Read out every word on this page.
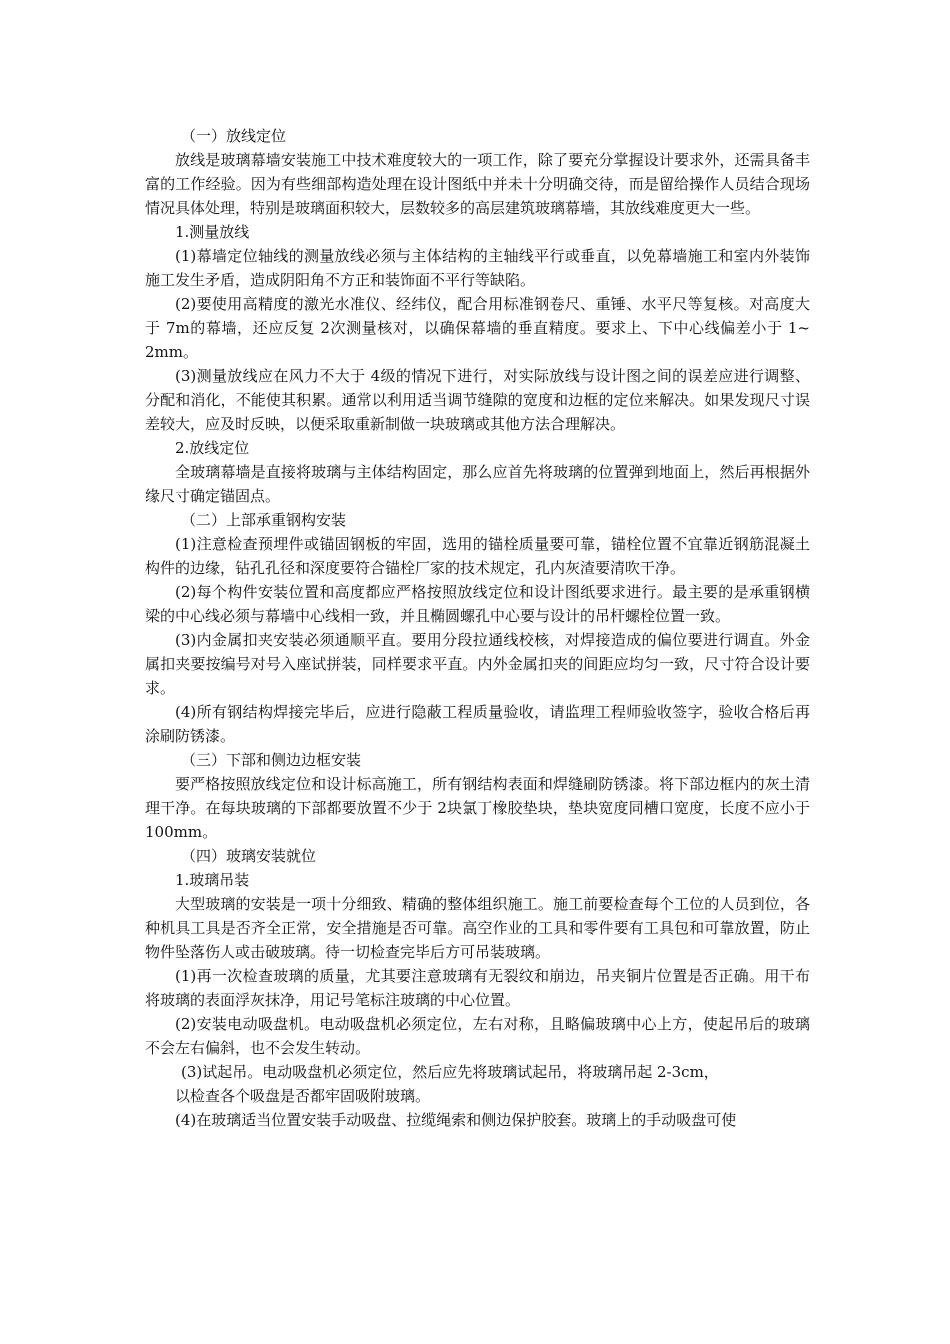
（一）放线定位

放线是玻璃幕墙安装施工中技术难度较大的一项工作，除了要充分掌握设计要求外，还需具备丰富的工作经验。因为有些细部构造处理在设计图纸中并未十分明确交待，而是留给操作人员结合现场情况具体处理，特别是玻璃面积较大，层数较多的高层建筑玻璃幕墙，其放线难度更大一些。

1.测量放线

(1)幕墙定位轴线的测量放线必须与主体结构的主轴线平行或垂直，以免幕墙施工和室内外装饰施工发生矛盾，造成阴阳角不方正和装饰面不平行等缺陷。

(2)要使用高精度的激光水准仪、经纬仪，配合用标准钢卷尺、重锤、水平尺等复核。对高度大于 7m的幕墙，还应反复 2次测量核对，以确保幕墙的垂直精度。要求上、下中心线偏差小于 1~ 2mm。

(3)测量放线应在风力不大于 4级的情况下进行，对实际放线与设计图之间的误差应进行调整、分配和消化，不能使其积累。通常以利用适当调节缝隙的宽度和边框的定位来解决。如果发现尺寸误差较大，应及时反映，以便采取重新制做一块玻璃或其他方法合理解决。

2.放线定位

全玻璃幕墙是直接将玻璃与主体结构固定，那么应首先将玻璃的位置弹到地面上，然后再根据外缘尺寸确定锚固点。

（二）上部承重钢构安装

(1)注意检查预埋件或锚固钢板的牢固，选用的锚栓质量要可靠，锚栓位置不宜靠近钢筋混凝土构件的边缘，钻孔孔径和深度要符合锚栓厂家的技术规定，孔内灰渣要清吹干净。

(2)每个构件安装位置和高度都应严格按照放线定位和设计图纸要求进行。最主要的是承重钢横梁的中心线必须与幕墙中心线相一致，并且椭圆螺孔中心要与设计的吊杆螺栓位置一致。

(3)内金属扣夹安装必须通顺平直。要用分段拉通线校核，对焊接造成的偏位要进行调直。外金属扣夹要按编号对号入座试拼装，同样要求平直。内外金属扣夹的间距应均匀一致，尺寸符合设计要求。

(4)所有钢结构焊接完毕后，应进行隐蔽工程质量验收，请监理工程师验收签字，验收合格后再涂刷防锈漆。

（三）下部和侧边边框安装

要严格按照放线定位和设计标高施工，所有钢结构表面和焊缝刷防锈漆。将下部边框内的灰土清理干净。在每块玻璃的下部都要放置不少于 2块氯丁橡胶垫块，垫块宽度同槽口宽度，长度不应小于 100mm。

（四）玻璃安装就位

1.玻璃吊装

大型玻璃的安装是一项十分细致、精确的整体组织施工。施工前要检查每个工位的人员到位，各种机具工具是否齐全正常，安全措施是否可靠。高空作业的工具和零件要有工具包和可靠放置，防止物件坠落伤人或击破玻璃。待一切检查完毕后方可吊装玻璃。

(1)再一次检查玻璃的质量，尤其要注意玻璃有无裂纹和崩边，吊夹铜片位置是否正确。用干布将玻璃的表面浮灰抹净，用记号笔标注玻璃的中心位置。

(2)安装电动吸盘机。电动吸盘机必须定位，左右对称，且略偏玻璃中心上方，使起吊后的玻璃不会左右偏斜，也不会发生转动。

(3)试起吊。电动吸盘机必须定位，然后应先将玻璃试起吊，将玻璃吊起 2-3cm，

以检查各个吸盘是否都牢固吸附玻璃。

(4)在玻璃适当位置安装手动吸盘、拉缆绳索和侧边保护胶套。玻璃上的手动吸盘可使
